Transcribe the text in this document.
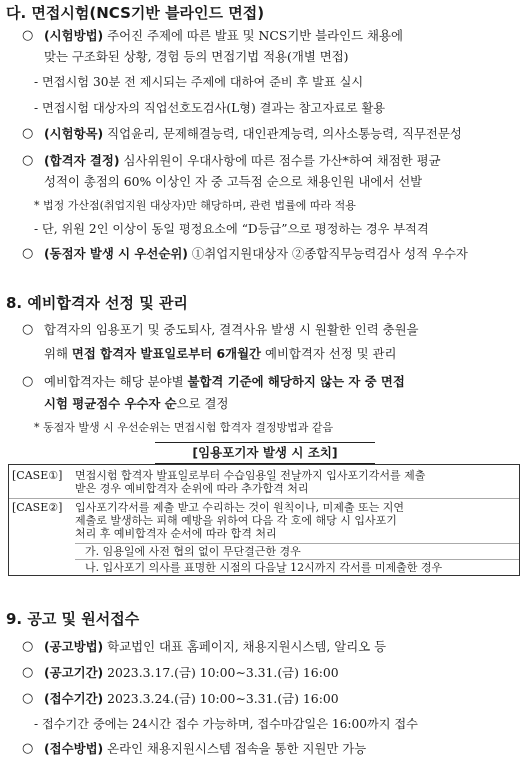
다. 면접시험(NCS기반 블라인드 면접)
○ (시험방법) 주어진 주제에 따른 발표 및 NCS기반 블라인드 채용에
맞는 구조화된 상황, 경험 등의 면접기법 적용(개별 면접)
- 면접시험 30분 전 제시되는 주제에 대하여 준비 후 발표 실시
- 면접시험 대상자의 직업선호도검사(L형) 결과는 참고자료로 활용
○ (시험항목) 직업윤리, 문제해결능력, 대인관계능력, 의사소통능력, 직무전문성
○ (합격자 결정) 심사위원이 우대사항에 따른 점수를 가산*하여 채점한 평균
성적이 총점의 60% 이상인 자 중 고득점 순으로 채용인원 내에서 선발
* 법정 가산점(취업지원 대상자)만 해당하며, 관련 법률에 따라 적용
- 단, 위원 2인 이상이 동일 평정요소에 “D등급”으로 평정하는 경우 부적격
○ (동점자 발생 시 우선순위) ①취업지원대상자 ②종합직무능력검사 성적 우수자
8. 예비합격자 선정 및 관리
○ 합격자의 임용포기 및 중도퇴사, 결격사유 발생 시 원활한 인력 충원을
위해 면접 합격자 발표일로부터 6개월간 예비합격자 선정 및 관리
○ 예비합격자는 해당 분야별 불합격 기준에 해당하지 않는 자 중 면접
시험 평균점수 우수자 순으로 결정
* 동점자 발생 시 우선순위는 면접시험 합격자 결정방법과 같음
[임용포기자 발생 시 조치]
[CASE①] 면접시험 합격자 발표일로부터 수습임용일 전날까지 입사포기각서를 제출
받은 경우 예비합격자 순위에 따라 추가합격 처리
[CASE②] 입사포기각서를 제출 받고 수리하는 것이 원칙이나, 미제출 또는 지연
제출로 발생하는 피해 예방을 위하여 다음 각 호에 해당 시 입사포기
처리 후 예비합격자 순서에 따라 합격 처리
가. 임용일에 사전 협의 없이 무단결근한 경우
나. 입사포기 의사를 표명한 시점의 다음날 12시까지 각서를 미제출한 경우
9. 공고 및 원서접수
○ (공고방법) 학교법인 대표 홈페이지, 채용지원시스템, 알리오 등
○ (공고기간) 2023.3.17.(금) 10:00∼3.31.(금) 16:00
○ (접수기간) 2023.3.24.(금) 10:00∼3.31.(금) 16:00
- 접수기간 중에는 24시간 접수 가능하며, 접수마감일은 16:00까지 접수
○ (접수방법) 온라인 채용지원시스템 접속을 통한 지원만 가능
